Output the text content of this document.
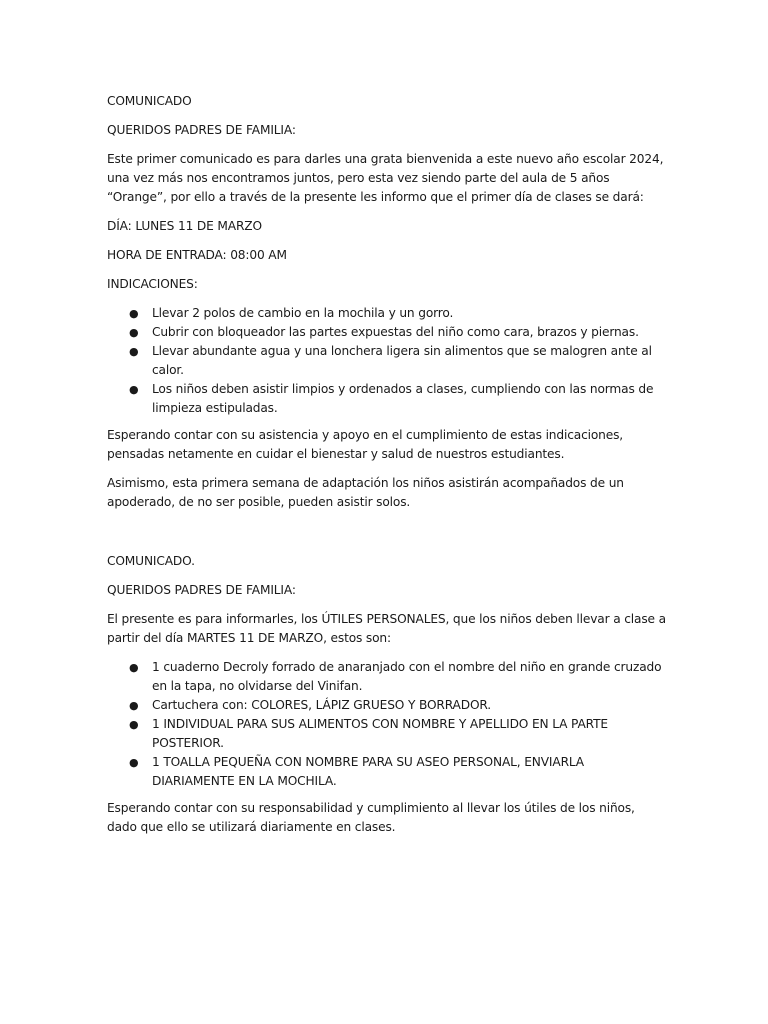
COMUNICADO

QUERIDOS PADRES DE FAMILIA:

Este primer comunicado es para darles una grata bienvenida a este nuevo año escolar 2024, una vez más nos encontramos juntos, pero esta vez siendo parte del aula de 5 años “Orange”, por ello a través de la presente les informo que el primer día de clases se dará:

DÍA: LUNES 11 DE MARZO

HORA DE ENTRADA: 08:00 AM

INDICACIONES:

● Llevar 2 polos de cambio en la mochila y un gorro.
● Cubrir con bloqueador las partes expuestas del niño como cara, brazos y piernas.
● Llevar abundante agua y una lonchera ligera sin alimentos que se malogren ante al calor.
● Los niños deben asistir limpios y ordenados a clases, cumpliendo con las normas de limpieza estipuladas.

Esperando contar con su asistencia y apoyo en el cumplimiento de estas indicaciones, pensadas netamente en cuidar el bienestar y salud de nuestros estudiantes.

Asimismo, esta primera semana de adaptación los niños asistirán acompañados de un apoderado, de no ser posible, pueden asistir solos.

COMUNICADO.

QUERIDOS PADRES DE FAMILIA:

El presente es para informarles, los ÚTILES PERSONALES, que los niños deben llevar a clase a partir del día MARTES 11 DE MARZO, estos son:

● 1 cuaderno Decroly forrado de anaranjado con el nombre del niño en grande cruzado en la tapa, no olvidarse del Vinifan.
● Cartuchera con: COLORES, LÁPIZ GRUESO Y BORRADOR.
● 1 INDIVIDUAL PARA SUS ALIMENTOS CON NOMBRE Y APELLIDO EN LA PARTE POSTERIOR.
● 1 TOALLA PEQUEÑA CON NOMBRE PARA SU ASEO PERSONAL, ENVIARLA DIARIAMENTE EN LA MOCHILA.

Esperando contar con su responsabilidad y cumplimiento al llevar los útiles de los niños, dado que ello se utilizará diariamente en clases.
